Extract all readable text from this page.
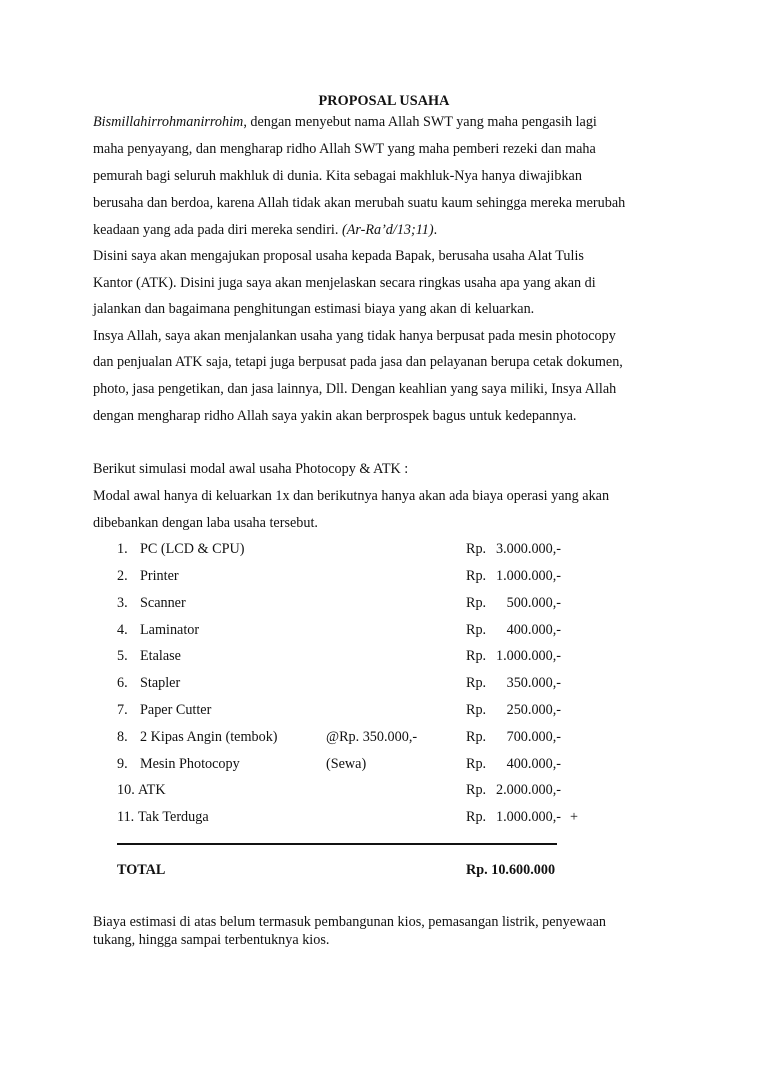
PROPOSAL USAHA
Bismillahirrohmanirrohim, dengan menyebut nama Allah SWT yang maha pengasih lagi
maha penyayang, dan mengharap ridho Allah SWT yang maha pemberi rezeki dan maha
pemurah bagi seluruh makhluk di dunia. Kita sebagai makhluk-Nya hanya diwajibkan
berusaha dan berdoa, karena Allah tidak akan merubah suatu kaum sehingga mereka merubah
keadaan yang ada pada diri mereka sendiri. (Ar-Ra’d/13;11).
Disini saya akan mengajukan proposal usaha kepada Bapak, berusaha usaha Alat Tulis
Kantor (ATK). Disini juga saya akan menjelaskan secara ringkas usaha apa yang akan di
jalankan dan bagaimana penghitungan estimasi biaya yang akan di keluarkan.
Insya Allah, saya akan menjalankan usaha yang tidak hanya berpusat pada mesin photocopy
dan penjualan ATK saja, tetapi juga berpusat pada jasa dan pelayanan berupa cetak dokumen,
photo, jasa pengetikan, dan jasa lainnya, Dll. Dengan keahlian yang saya miliki, Insya Allah
dengan mengharap ridho Allah saya yakin akan berprospek bagus untuk kedepannya.
Berikut simulasi modal awal usaha Photocopy & ATK :
Modal awal hanya di keluarkan 1x dan berikutnya hanya akan ada biaya operasi yang akan
dibebankan dengan laba usaha tersebut.
1. PC (LCD & CPU)	Rp. 3.000.000,-
2. Printer	Rp. 1.000.000,-
3. Scanner	Rp.	500.000,-
4. Laminator	Rp.	400.000,-
5. Etalase	Rp. 1.000.000,-
6. Stapler	Rp.	350.000,-
7. Paper Cutter	Rp.	250.000,-
8. 2 Kipas Angin (tembok)	@Rp. 350.000,-	Rp.	700.000,-
9. Mesin Photocopy	(Sewa)	Rp.	400.000,-
10. ATK	Rp. 2.000.000,-
11. Tak Terduga	Rp. 1.000.000,- +
TOTAL	Rp. 10.600.000
Biaya estimasi di atas belum termasuk pembangunan kios, pemasangan listrik, penyewaan
tukang, hingga sampai terbentuknya kios.
